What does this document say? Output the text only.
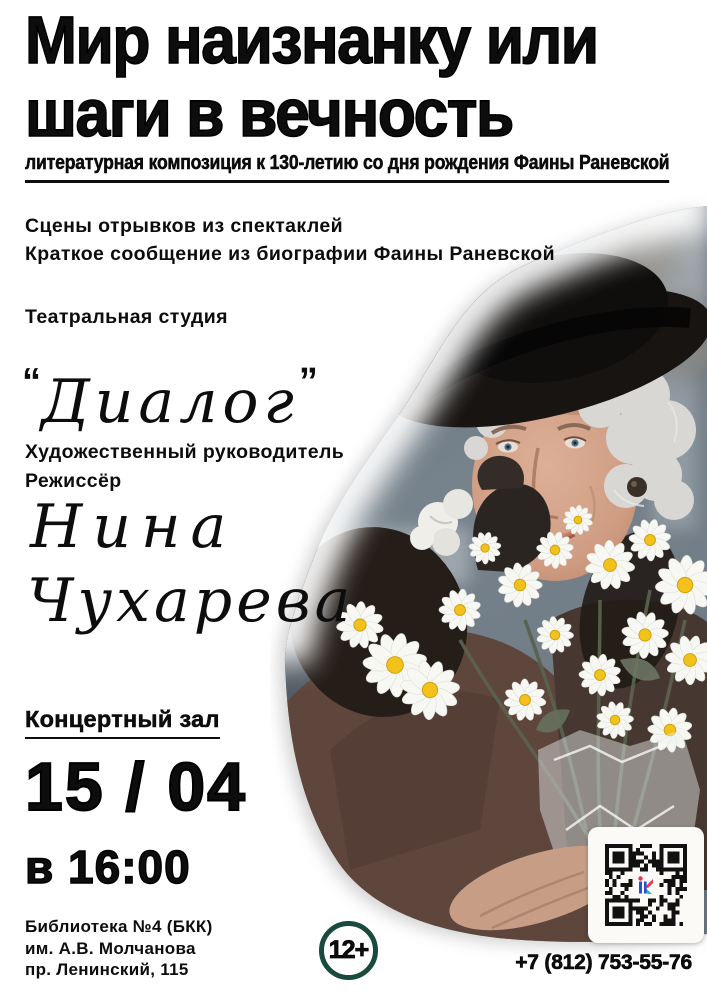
Мир наизнанку или
шаги в вечность
литературная композиция к 130-летию со дня рождения Фаины Раневской
Сцены отрывков из спектаклей
Краткое сообщение из биографии Фаины Раневской
Театральная студия
“Диалог”
Художественный руководитель
Режиссёр
Нина
Чухарева
Концертный зал
15 / 04
в 16:00
Библиотека №4 (БКК)
им. А.В. Молчанова
пр. Ленинский, 115
12+	+7 (812) 753-55-76
